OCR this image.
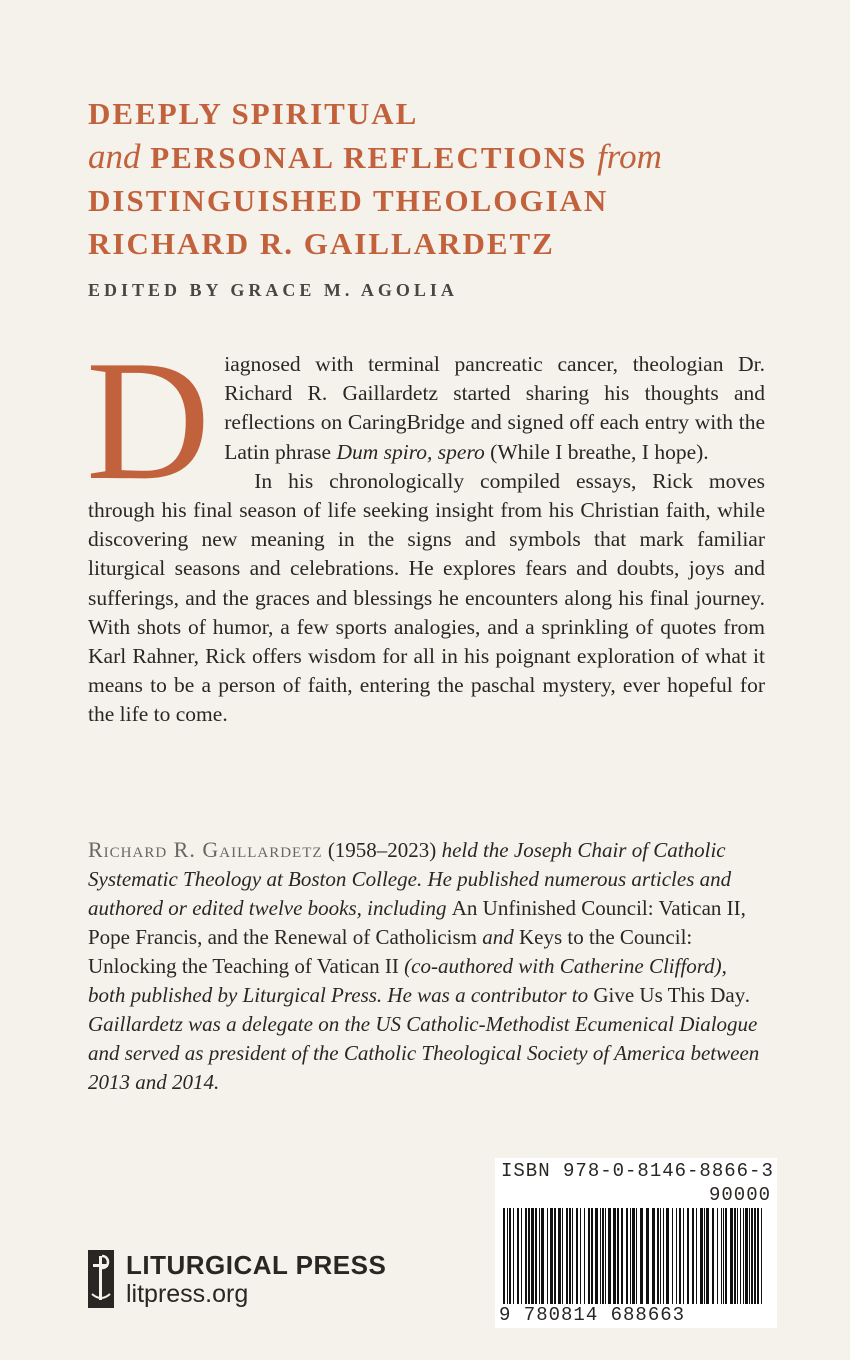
DEEPLY SPIRITUAL
and PERSONAL REFLECTIONS from
DISTINGUISHED THEOLOGIAN
RICHARD R. GAILLARDETZ
EDITED BY GRACE M. AGOLIA

Diagnosed with terminal pancreatic cancer, theologian Dr. Richard R. Gaillardetz started sharing his thoughts and reflections on CaringBridge and signed off each entry with the Latin phrase Dum spiro, spero (While I breathe, I hope).

In his chronologically compiled essays, Rick moves through his final season of life seeking insight from his Christian faith, while discovering new meaning in the signs and symbols that mark familiar liturgical seasons and celebrations. He explores fears and doubts, joys and sufferings, and the graces and blessings he encounters along his final journey. With shots of humor, a few sports analogies, and a sprinkling of quotes from Karl Rahner, Rick offers wisdom for all in his poignant exploration of what it means to be a person of faith, entering the paschal mystery, ever hopeful for the life to come.

Richard R. Gaillardetz (1958–2023) held the Joseph Chair of Catholic Systematic Theology at Boston College. He published numerous articles and authored or edited twelve books, including An Unfinished Council: Vatican II, Pope Francis, and the Renewal of Catholicism and Keys to the Council: Unlocking the Teaching of Vatican II (co-authored with Catherine Clifford), both published by Liturgical Press. He was a contributor to Give Us This Day. Gaillardetz was a delegate on the US Catholic-Methodist Ecumenical Dialogue and served as president of the Catholic Theological Society of America between 2013 and 2014.
LITURGICAL PRESS
litpress.org
ISBN 978-0-8146-8866-3
90000
9 780814 688663
